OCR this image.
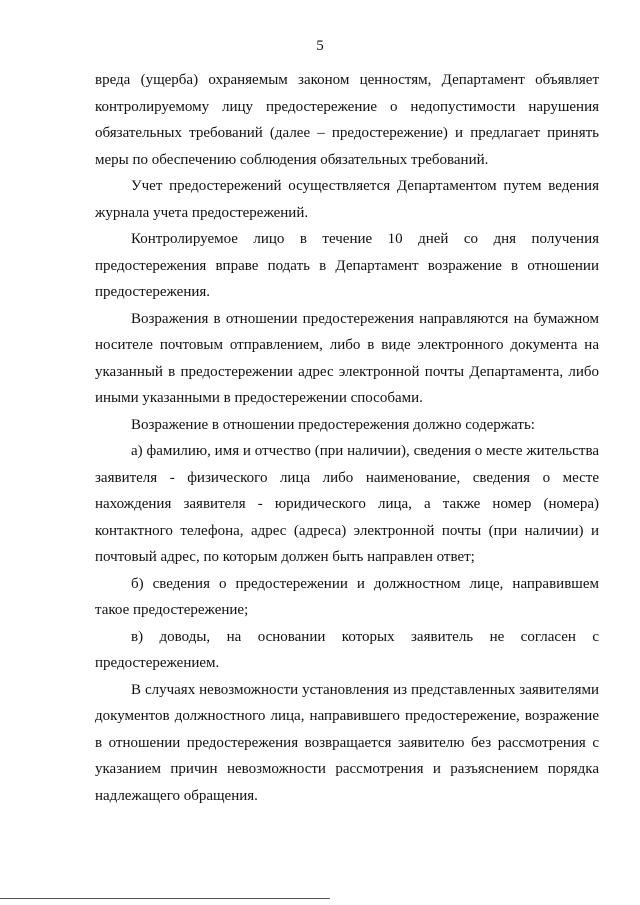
5

вреда (ущерба) охраняемым законом ценностям, Департамент объявляет контролируемому лицу предостережение о недопустимости нарушения обязательных требований (далее – предостережение) и предлагает принять меры по обеспечению соблюдения обязательных требований.

Учет предостережений осуществляется Департаментом путем ведения журнала учета предостережений.

Контролируемое лицо в течение 10 дней со дня получения предостережения вправе подать в Департамент возражение в отношении предостережения.

Возражения в отношении предостережения направляются на бумажном носителе почтовым отправлением, либо в виде электронного документа на указанный в предостережении адрес электронной почты Департамента, либо иными указанными в предостережении способами.

Возражение в отношении предостережения должно содержать:

а) фамилию, имя и отчество (при наличии), сведения о месте жительства заявителя - физического лица либо наименование, сведения о месте нахождения заявителя - юридического лица, а также номер (номера) контактного телефона, адрес (адреса) электронной почты (при наличии) и почтовый адрес, по которым должен быть направлен ответ;

б) сведения о предостережении и должностном лице, направившем такое предостережение;

в) доводы, на основании которых заявитель не согласен с предостережением.

В случаях невозможности установления из представленных заявителями документов должностного лица, направившего предостережение, возражение в отношении предостережения возвращается заявителю без рассмотрения с указанием причин невозможности рассмотрения и разъяснением порядка надлежащего обращения.
